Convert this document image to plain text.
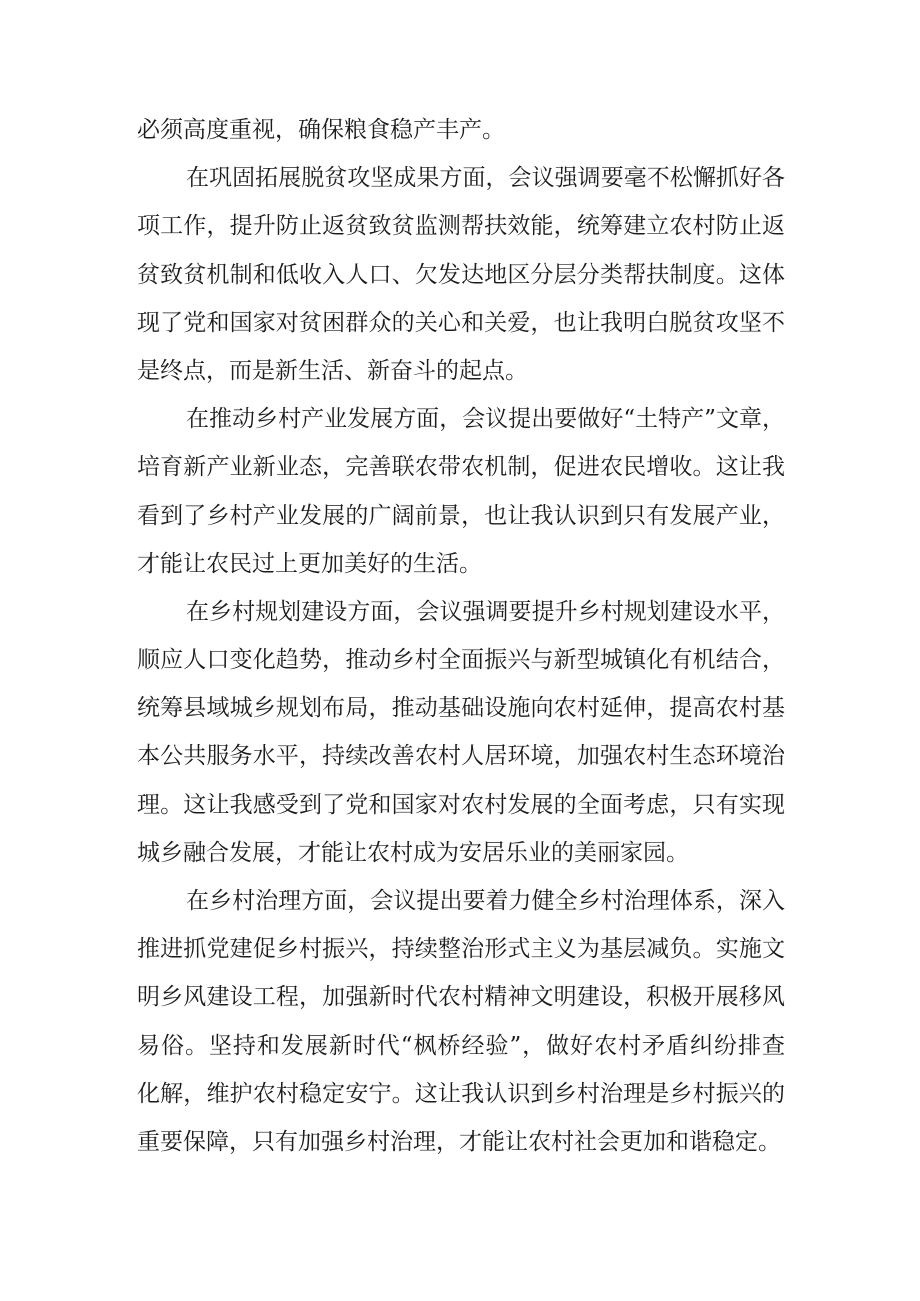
必须高度重视，确保粮食稳产丰产。
在巩固拓展脱贫攻坚成果方面，会议强调要毫不松懈抓好各
项工作，提升防止返贫致贫监测帮扶效能，统筹建立农村防止返
贫致贫机制和低收入人口、欠发达地区分层分类帮扶制度。这体
现了党和国家对贫困群众的关心和关爱，也让我明白脱贫攻坚不
是终点，而是新生活、新奋斗的起点。
在推动乡村产业发展方面，会议提出要做好“土特产”文章，
培育新产业新业态，完善联农带农机制，促进农民增收。这让我
看到了乡村产业发展的广阔前景，也让我认识到只有发展产业，
才能让农民过上更加美好的生活。
在乡村规划建设方面，会议强调要提升乡村规划建设水平，
顺应人口变化趋势，推动乡村全面振兴与新型城镇化有机结合，
统筹县域城乡规划布局，推动基础设施向农村延伸，提高农村基
本公共服务水平，持续改善农村人居环境，加强农村生态环境治
理。这让我感受到了党和国家对农村发展的全面考虑，只有实现
城乡融合发展，才能让农村成为安居乐业的美丽家园。
在乡村治理方面，会议提出要着力健全乡村治理体系，深入
推进抓党建促乡村振兴，持续整治形式主义为基层减负。实施文
明乡风建设工程，加强新时代农村精神文明建设，积极开展移风
易俗。坚持和发展新时代“枫桥经验”，做好农村矛盾纠纷排查
化解，维护农村稳定安宁。这让我认识到乡村治理是乡村振兴的
重要保障，只有加强乡村治理，才能让农村社会更加和谐稳定。
